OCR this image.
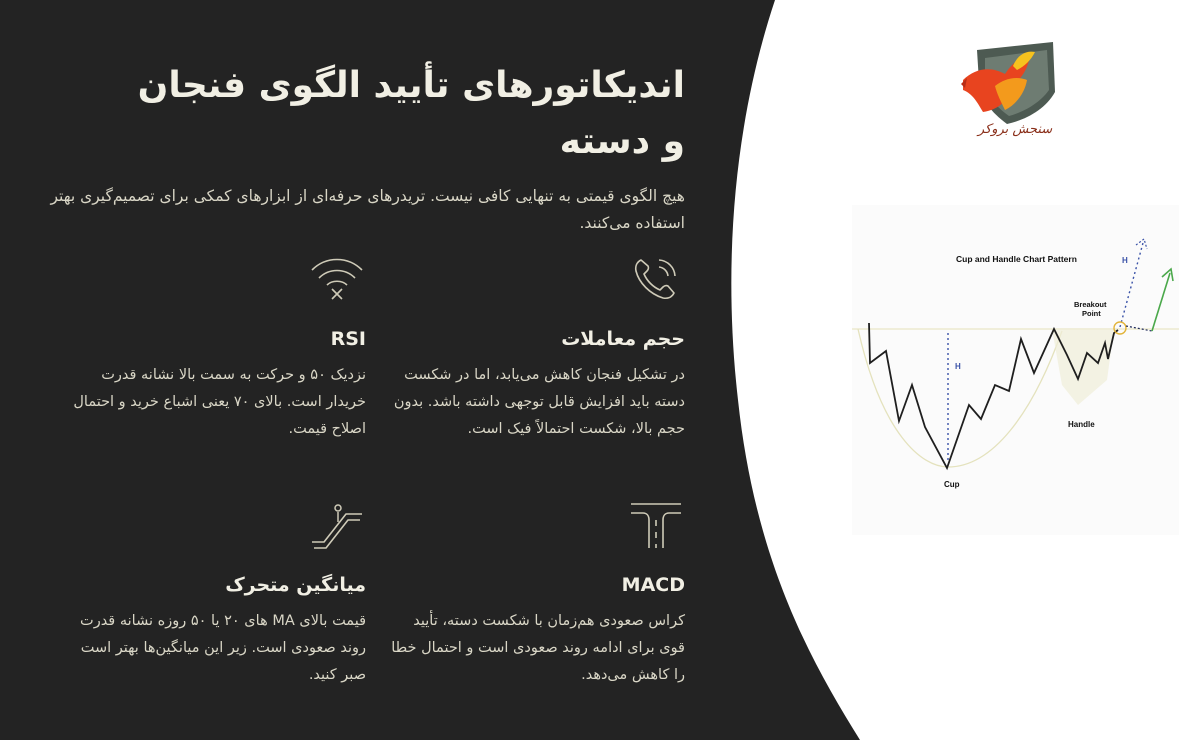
اندیکاتورهای تأیید الگوی فنجان و دسته

هیچ الگوی قیمتی به تنهایی کافی نیست. تریدرهای حرفه‌ای از ابزارهای کمکی برای تصمیم‌گیری بهتر استفاده می‌کنند.

حجم معاملات

در تشکیل فنجان کاهش می‌یابد، اما در شکست دسته باید افزایش قابل توجهی داشته باشد. بدون حجم بالا، شکست احتمالاً فیک است.

RSI

نزدیک ۵۰ و حرکت به سمت بالا نشانه قدرت خریدار است. بالای ۷۰ یعنی اشباع خرید و احتمال اصلاح قیمت.

MACD

کراس صعودی هم‌زمان با شکست دسته، تأیید قوی برای ادامه روند صعودی است و احتمال خطا را کاهش می‌دهد.

میانگین متحرک

قیمت بالای MA های ۲۰ یا ۵۰ روزه نشانه قدرت روند صعودی است. زیر این میانگین‌ها بهتر است صبر کنید.

سنجش بروکر
Cup and Handle Chart Pattern
H
H
Breakout
Point
Handle
Cup
